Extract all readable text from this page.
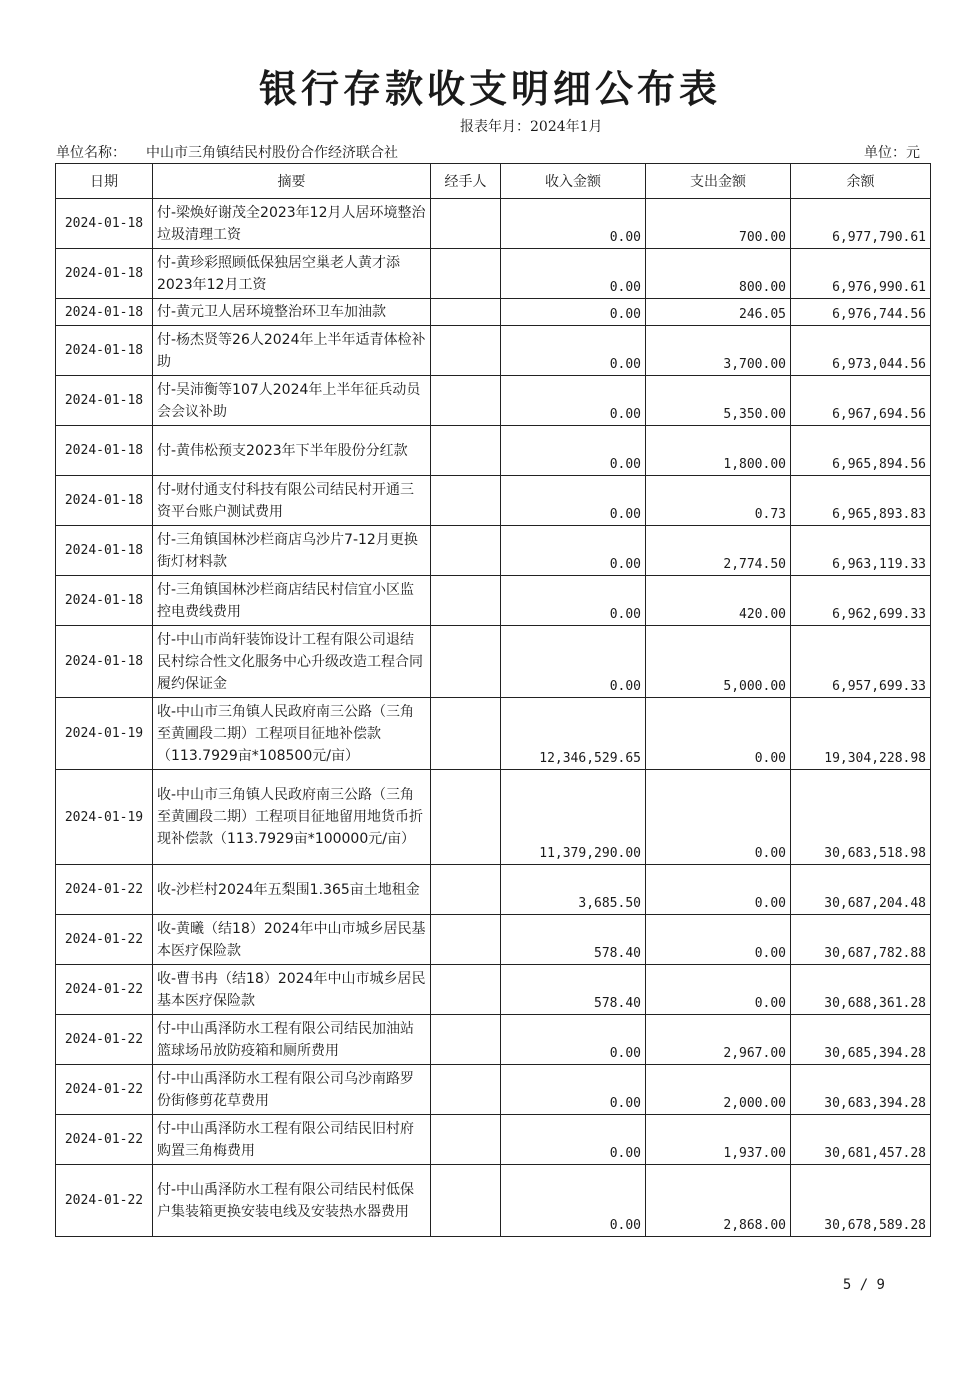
银行存款收支明细公布表
报表年月：2024年1月
单位名称： 中山市三角镇结民村股份合作经济联合社	单位：元
日期	摘要	经手人	收入金额	支出金额	余额
2024-01-18	付-梁焕好谢茂全2023年12月人居环境整治垃圾清理工资		0.00	700.00	6,977,790.61
2024-01-18	付-黄珍彩照顾低保独居空巢老人黄才添2023年12月工资		0.00	800.00	6,976,990.61
2024-01-18	付-黄元卫人居环境整治环卫车加油款		0.00	246.05	6,976,744.56
2024-01-18	付-杨杰贤等26人2024年上半年适青体检补助		0.00	3,700.00	6,973,044.56
2024-01-18	付-吴沛衡等107人2024年上半年征兵动员会会议补助		0.00	5,350.00	6,967,694.56
2024-01-18	付-黄伟松预支2023年下半年股份分红款		0.00	1,800.00	6,965,894.56
2024-01-18	付-财付通支付科技有限公司结民村开通三资平台账户测试费用		0.00	0.73	6,965,893.83
2024-01-18	付-三角镇国林沙栏商店乌沙片7-12月更换街灯材料款		0.00	2,774.50	6,963,119.33
2024-01-18	付-三角镇国林沙栏商店结民村信宜小区监控电费线费用		0.00	420.00	6,962,699.33
2024-01-18	付-中山市尚轩装饰设计工程有限公司退结民村综合性文化服务中心升级改造工程合同履约保证金		0.00	5,000.00	6,957,699.33
2024-01-19	收-中山市三角镇人民政府南三公路（三角至黄圃段二期）工程项目征地补偿款（113.7929亩*108500元/亩）		12,346,529.65	0.00	19,304,228.98
2024-01-19	收-中山市三角镇人民政府南三公路（三角至黄圃段二期）工程项目征地留用地货币折现补偿款（113.7929亩*100000元/亩）		11,379,290.00	0.00	30,683,518.98
2024-01-22	收-沙栏村2024年五梨围1.365亩土地租金		3,685.50	0.00	30,687,204.48
2024-01-22	收-黄曦（结18）2024年中山市城乡居民基本医疗保险款		578.40	0.00	30,687,782.88
2024-01-22	收-曹书冉（结18）2024年中山市城乡居民基本医疗保险款		578.40	0.00	30,688,361.28
2024-01-22	付-中山禹泽防水工程有限公司结民加油站篮球场吊放防疫箱和厕所费用		0.00	2,967.00	30,685,394.28
2024-01-22	付-中山禹泽防水工程有限公司乌沙南路罗份街修剪花草费用		0.00	2,000.00	30,683,394.28
2024-01-22	付-中山禹泽防水工程有限公司结民旧村府购置三角梅费用		0.00	1,937.00	30,681,457.28
2024-01-22	付-中山禹泽防水工程有限公司结民村低保户集装箱更换安装电线及安装热水器费用		0.00	2,868.00	30,678,589.28
5 / 9
